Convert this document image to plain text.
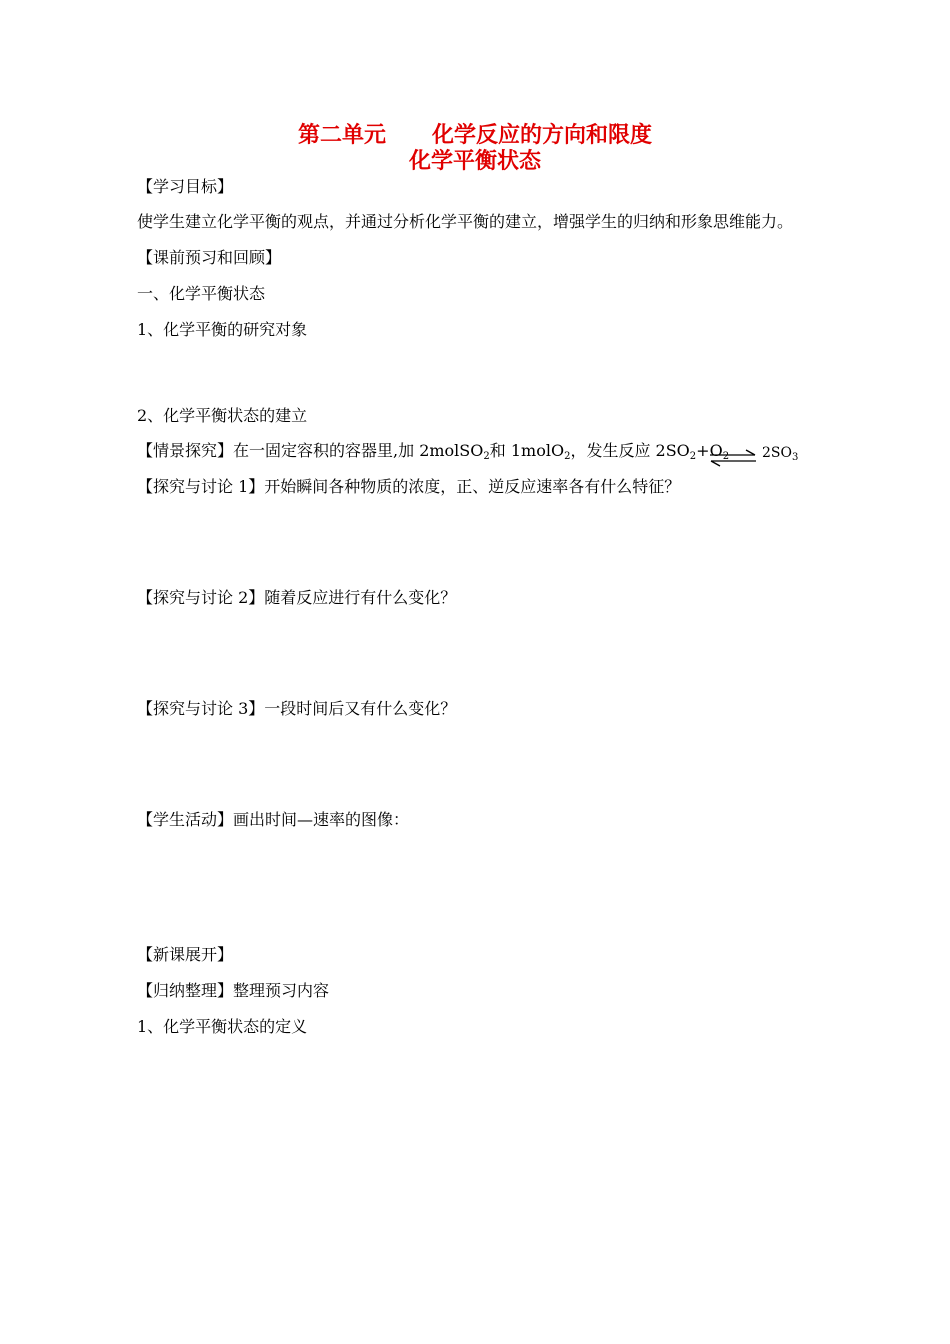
第二单元 化学反应的方向和限度
化学平衡状态
【学习目标】
使学生建立化学平衡的观点，并通过分析化学平衡的建立，增强学生的归纳和形象思维能力。
【课前预习和回顾】
一、化学平衡状态
1、化学平衡的研究对象
2、化学平衡状态的建立
【情景探究】在一固定容积的容器里,加 2molSO$_2$和 1molO$_2$，发生反应 $2SO_2+O_2$ ⇌ $2SO_3$
【探究与讨论 1】开始瞬间各种物质的浓度，正、逆反应速率各有什么特征？
【探究与讨论 2】随着反应进行有什么变化？
【探究与讨论 3】一段时间后又有什么变化？
【学生活动】画出时间—速率的图像：
【新课展开】
【归纳整理】整理预习内容
1、化学平衡状态的定义
